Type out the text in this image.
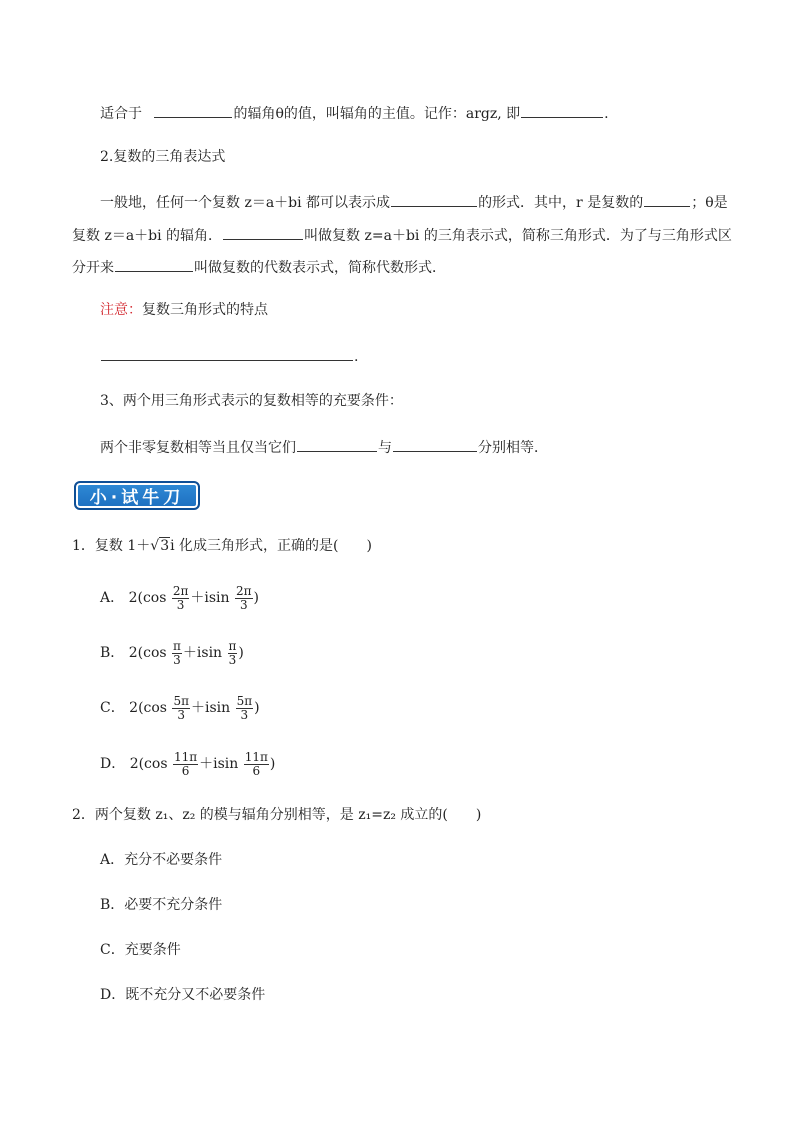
适合于	的辐角θ的值，叫辐角的主值。记作：argz, 即	.
2.复数的三角表达式
一般地，任何一个复数 z＝a＋bi 都可以表示成	的形式．其中，r 是复数的	；θ是
复数 z＝a＋bi 的辐角．	叫做复数 z=a＋bi 的三角表示式，简称三角形式．为了与三角形式区
分开来	叫做复数的代数表示式，简称代数形式．
注意：复数三角形式的特点
.
3、两个用三角形式表示的复数相等的充要条件：
两个非零复数相等当且仅当它们	与	分别相等．
小·试牛刀
1．复数 1＋√3i 化成三角形式，正确的是(　　)
A． $2(\cos \frac{2\pi}{3} +isin \frac{2\pi}{3}$ )
B． $2(\cos \frac{\pi}{3} +isin \frac{\pi}{3}$ )
C． $2(\cos \frac{5\pi}{3} +isin \frac{5\pi}{3}$ )
D． $2(\cos \frac{11\pi}{6} +isin \frac{11\pi}{6}$ )
2．两个复数 z₁、z₂ 的模与辐角分别相等，是 z₁=z₂ 成立的(　　)
A．充分不必要条件
B．必要不充分条件
C．充要条件
D．既不充分又不必要条件
